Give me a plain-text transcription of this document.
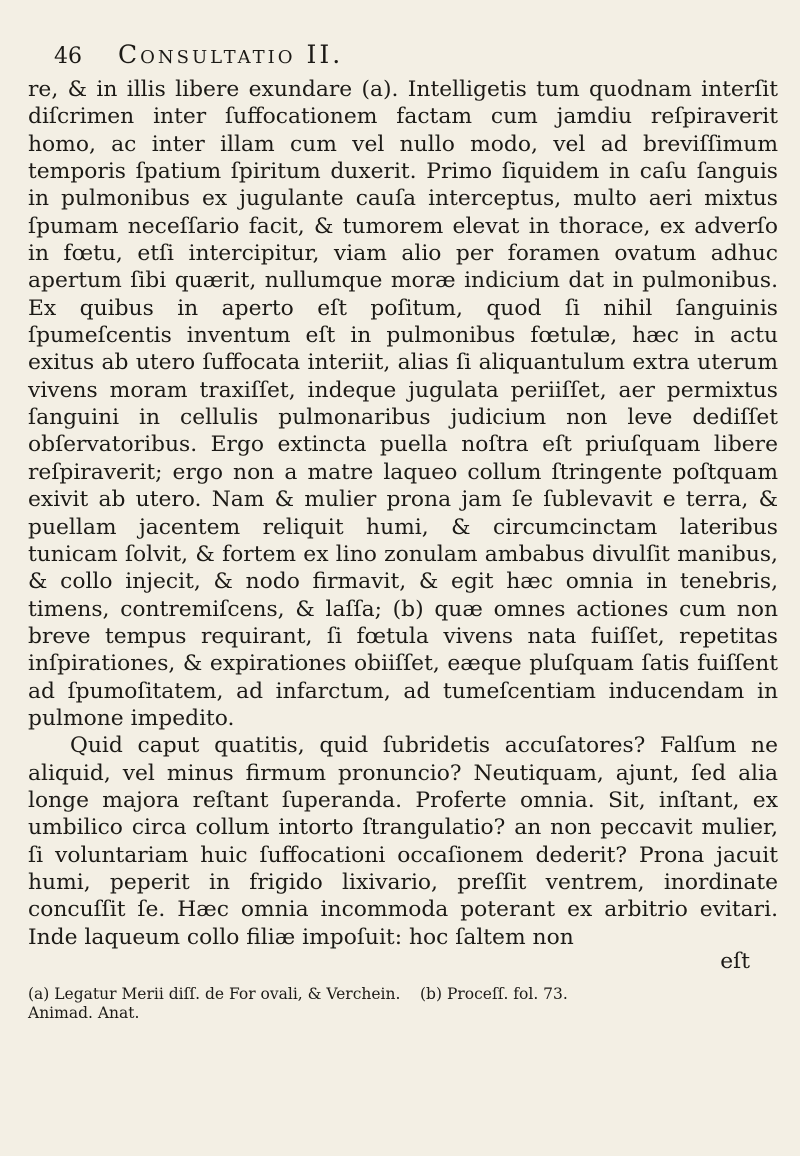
46	Consultatio II.

re, & in illis libere exundare (a). Intelligetis tum quodnam interſit diſcrimen inter ſuffocationem factam cum jamdiu reſpiraverit homo, ac inter illam cum vel nullo modo, vel ad breviſſimum temporis ſpatium ſpiritum duxerit. Primo ſiquidem in caſu ſanguis in pulmonibus ex jugulante cauſa interceptus, multo aeri mixtus ſpumam neceſſario facit, & tumorem elevat in thorace, ex adverſo in fœtu, etſi intercipitur, viam alio per foramen ovatum adhuc apertum ſibi quærit, nullumque moræ indicium dat in pulmonibus. Ex quibus in aperto eſt poſitum, quod ſi nihil ſanguinis ſpumeſcentis inventum eſt in pulmonibus fœtulæ, hæc in actu exitus ab utero ſuffocata interiit, alias ſi aliquantulum extra uterum vivens moram traxiſſet, indeque jugulata periiſſet, aer permixtus ſanguini in cellulis pulmonaribus judicium non leve dediſſet obſervatoribus. Ergo extincta puella noſtra eſt priuſquam libere reſpiraverit; ergo non a matre laqueo collum ſtringente poſtquam exivit ab utero. Nam & mulier prona jam ſe ſublevavit e terra, & puellam jacentem reliquit humi, & circumcinctam lateribus tunicam ſolvit, & fortem ex lino zonulam ambabus divulſit manibus, & collo injecit, & nodo firmavit, & egit hæc omnia in tenebris, timens, contremiſcens, & laſſa; (b) quæ omnes actiones cum non breve tempus requirant, ſi fœtula vivens nata fuiſſet, repetitas inſpirationes, & expirationes obiiſſet, eæque pluſquam ſatis fuiſſent ad ſpumoſitatem, ad infarctum, ad tumeſcentiam inducendam in pulmone impedito.

Quid caput quatitis, quid ſubridetis accuſatores? Falſum ne aliquid, vel minus firmum pronuncio? Neutiquam, ajunt, ſed alia longe majora reſtant ſuperanda. Proferte omnia. Sit, inſtant, ex umbilico circa collum intorto ſtrangulatio? an non peccavit mulier, ſi voluntariam huic ſuffocationi occaſionem dederit? Prona jacuit humi, peperit in frigido lixivario, preſſit ventrem, inordinate concuſſit ſe. Hæc omnia incommoda poterant ex arbitrio evitari. Inde laqueum collo filiæ impoſuit: hoc ſaltem non

eſt
(a) Legatur Merii diſſ. de For ovali, & Verchein. Animad. Anat.
(b) Proceſſ. fol. 73.
